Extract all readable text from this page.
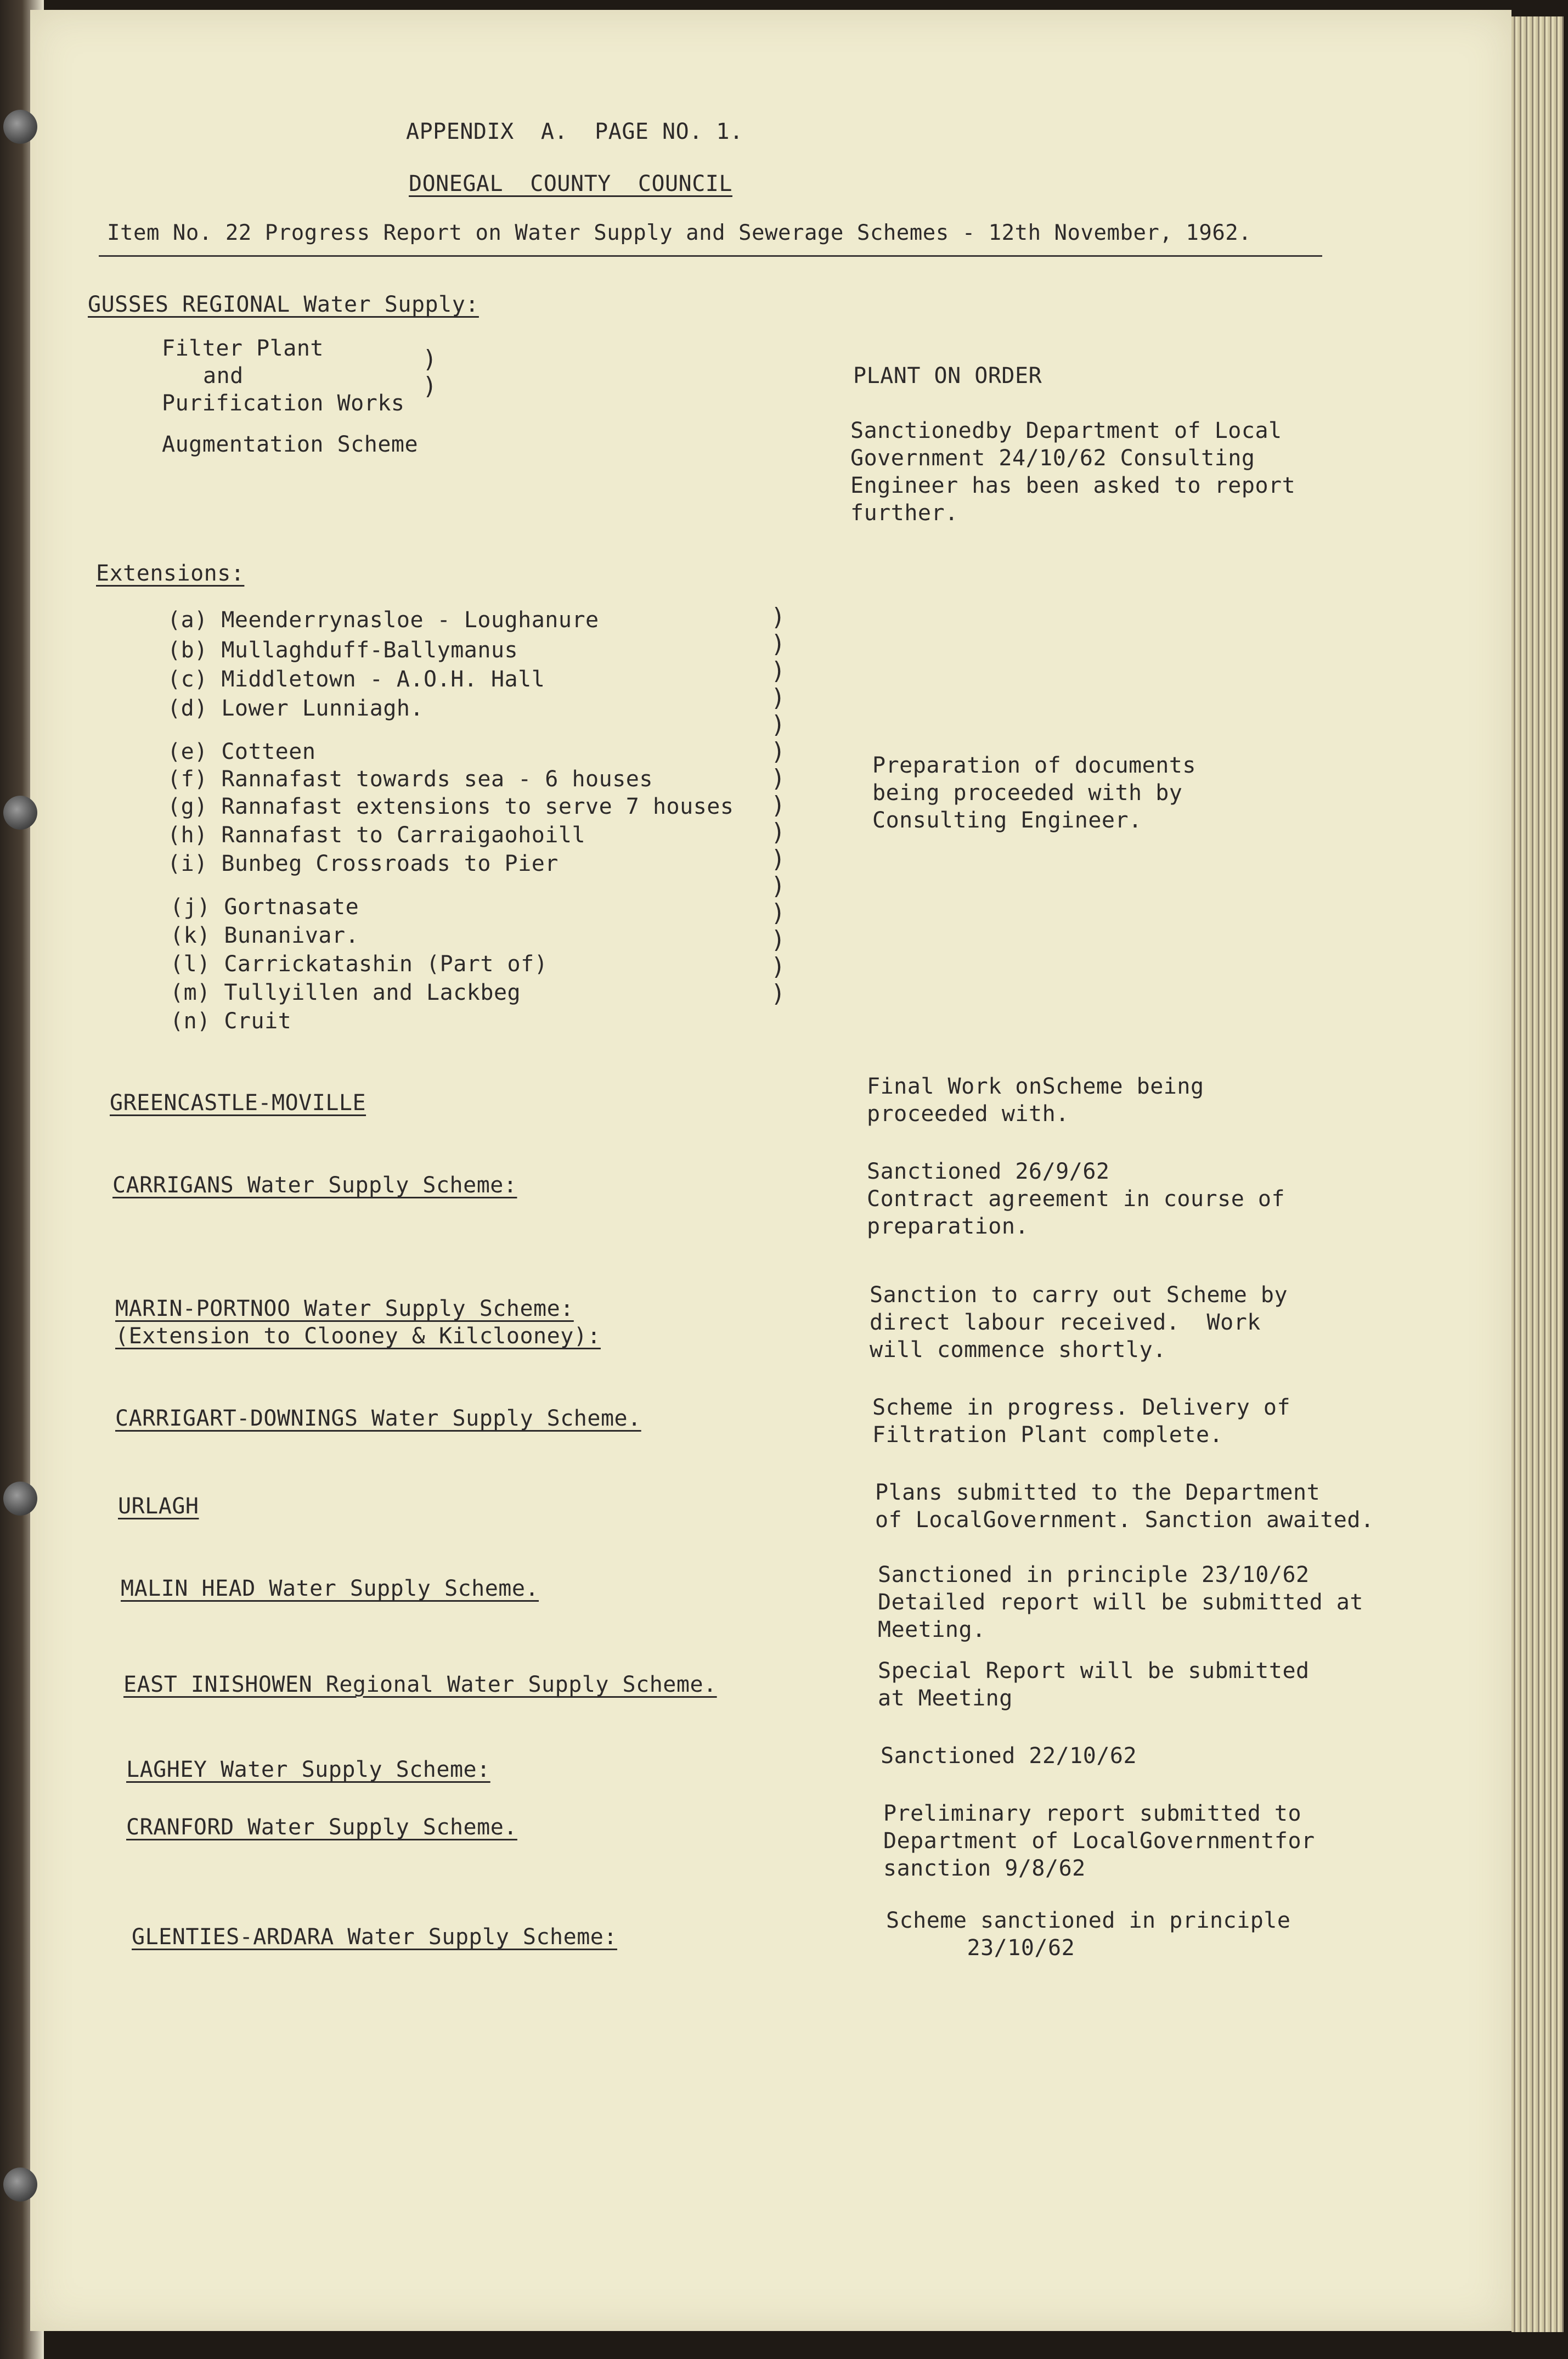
APPENDIX  A.  PAGE NO. 1.
DONEGAL  COUNTY  COUNCIL
Item No. 22 Progress Report on Water Supply and Sewerage Schemes - 12th November, 1962.
GUSSES REGIONAL Water Supply:
Filter Plant
and
Purification Works
)
)
Augmentation Scheme
PLANT ON ORDER
Sanctionedby Department of Local
Government 24/10/62 Consulting
Engineer has been asked to report
further.
Extensions:
(a) Meenderrynasloe - Loughanure
(b) Mullaghduff-Ballymanus
(c) Middletown - A.O.H. Hall
(d) Lower Lunniagh.
(e) Cotteen
(f) Rannafast towards sea - 6 houses
(g) Rannafast extensions to serve 7 houses
(h) Rannafast to Carraigaohoill
(i) Bunbeg Crossroads to Pier
(j) Gortnasate
(k) Bunanivar.
(l) Carrickatashin (Part of)
(m) Tullyillen and Lackbeg
(n) Cruit
)
)
)
)
)
)
)
)
)
)
)
)
)
)
)
Preparation of documents
being proceeded with by
Consulting Engineer.
GREENCASTLE-MOVILLE
Final Work onScheme being
proceeded with.
CARRIGANS Water Supply Scheme:
Sanctioned 26/9/62
Contract agreement in course of
preparation.
MARIN-PORTNOO Water Supply Scheme:
(Extension to Clooney & Kilclooney):
Sanction to carry out Scheme by
direct labour received.  Work
will commence shortly.
CARRIGART-DOWNINGS Water Supply Scheme.	Scheme in progress. Delivery of
Filtration Plant complete.
URLAGH
Plans submitted to the Department
of LocalGovernment. Sanction awaited.
MALIN HEAD Water Supply Scheme.
Sanctioned in principle 23/10/62
Detailed report will be submitted at
Meeting.
EAST INISHOWEN Regional Water Supply Scheme.
Special Report will be submitted
at Meeting
LAGHEY Water Supply Scheme:
Sanctioned 22/10/62
CRANFORD Water Supply Scheme.
Preliminary report submitted to
Department of LocalGovernmentfor
sanction 9/8/62
GLENTIES-ARDARA Water Supply Scheme:
Scheme sanctioned in principle
23/10/62
